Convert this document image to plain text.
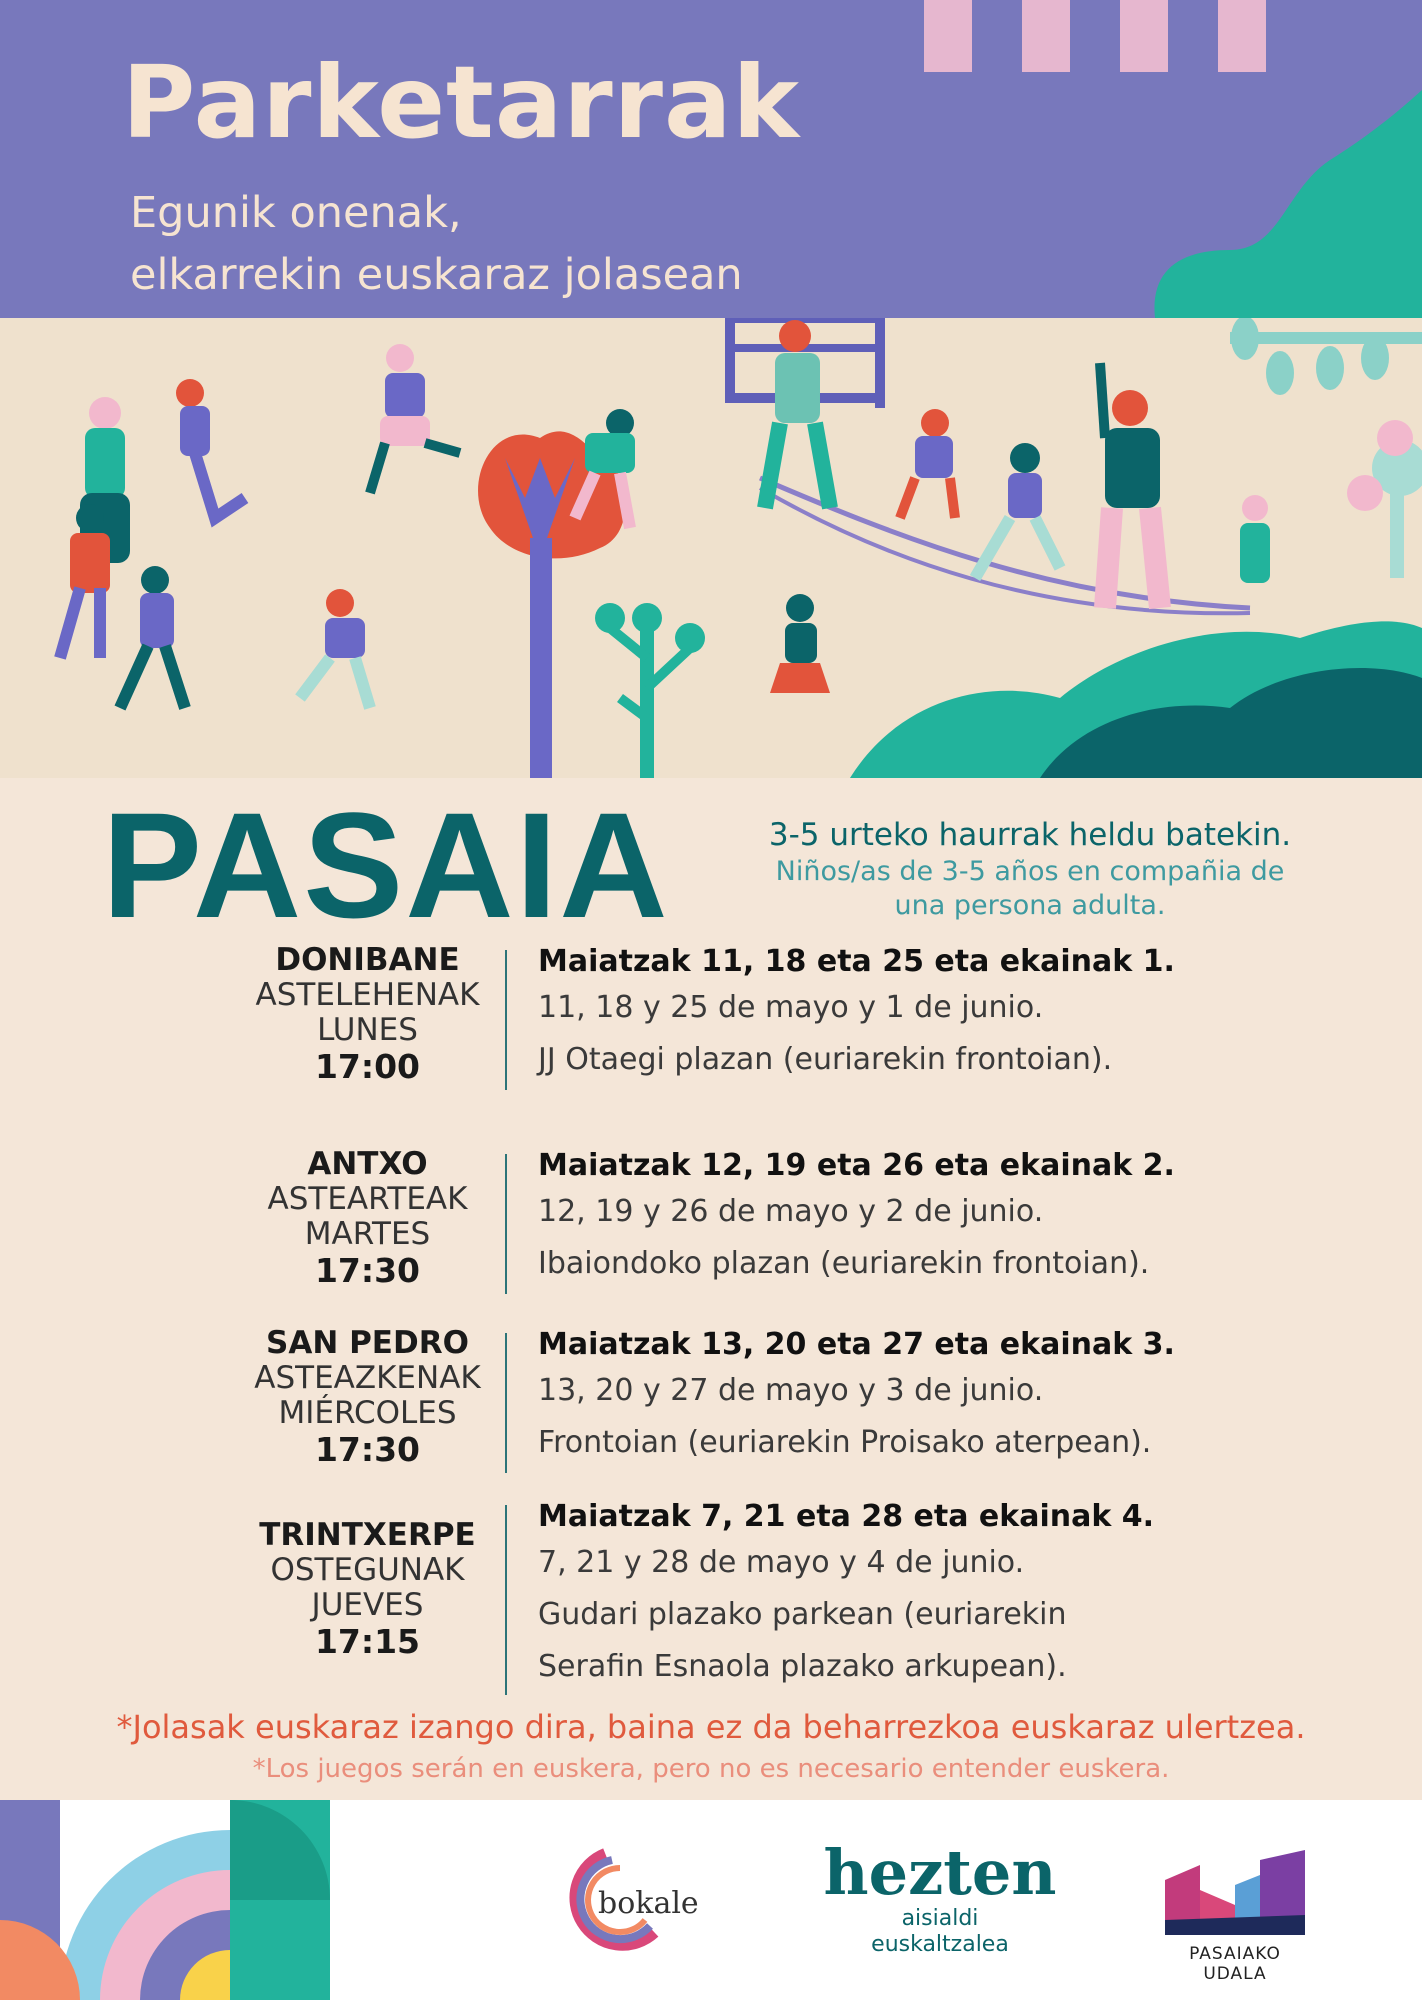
Parketarrak
Egunik onenak,
elkarrekin euskaraz jolasean
PASAIA	3-5 urteko haurrak heldu batekin.
Niños/as de 3-5 años en compañia de
una persona adulta.
DONIBANE
ASTELEHENAK
LUNES
17:00
Maiatzak 11, 18 eta 25 eta ekainak 1.
11, 18 y 25 de mayo y 1 de junio.
JJ Otaegi plazan (euriarekin frontoian).
ANTXO
ASTEARTEAK
MARTES
17:30
Maiatzak 12, 19 eta 26 eta ekainak 2.
12, 19 y 26 de mayo y 2 de junio.
Ibaiondoko plazan (euriarekin frontoian).
SAN PEDRO
ASTEAZKENAK
MIÉRCOLES
17:30
Maiatzak 13, 20 eta 27 eta ekainak 3.
13, 20 y 27 de mayo y 3 de junio.
Frontoian (euriarekin Proisako aterpean).
TRINTXERPE
OSTEGUNAK
JUEVES
17:15
Maiatzak 7, 21 eta 28 eta ekainak 4.
7, 21 y 28 de mayo y 4 de junio.
Gudari plazako parkean (euriarekin
Serafin Esnaola plazako arkupean).
*Jolasak euskaraz izango dira, baina ez da beharrezkoa euskaraz ulertzea.
*Los juegos serán en euskera, pero no es necesario entender euskera.
bokale hezten
aisialdi
euskaltzalea	PASAIAKO UDALA
